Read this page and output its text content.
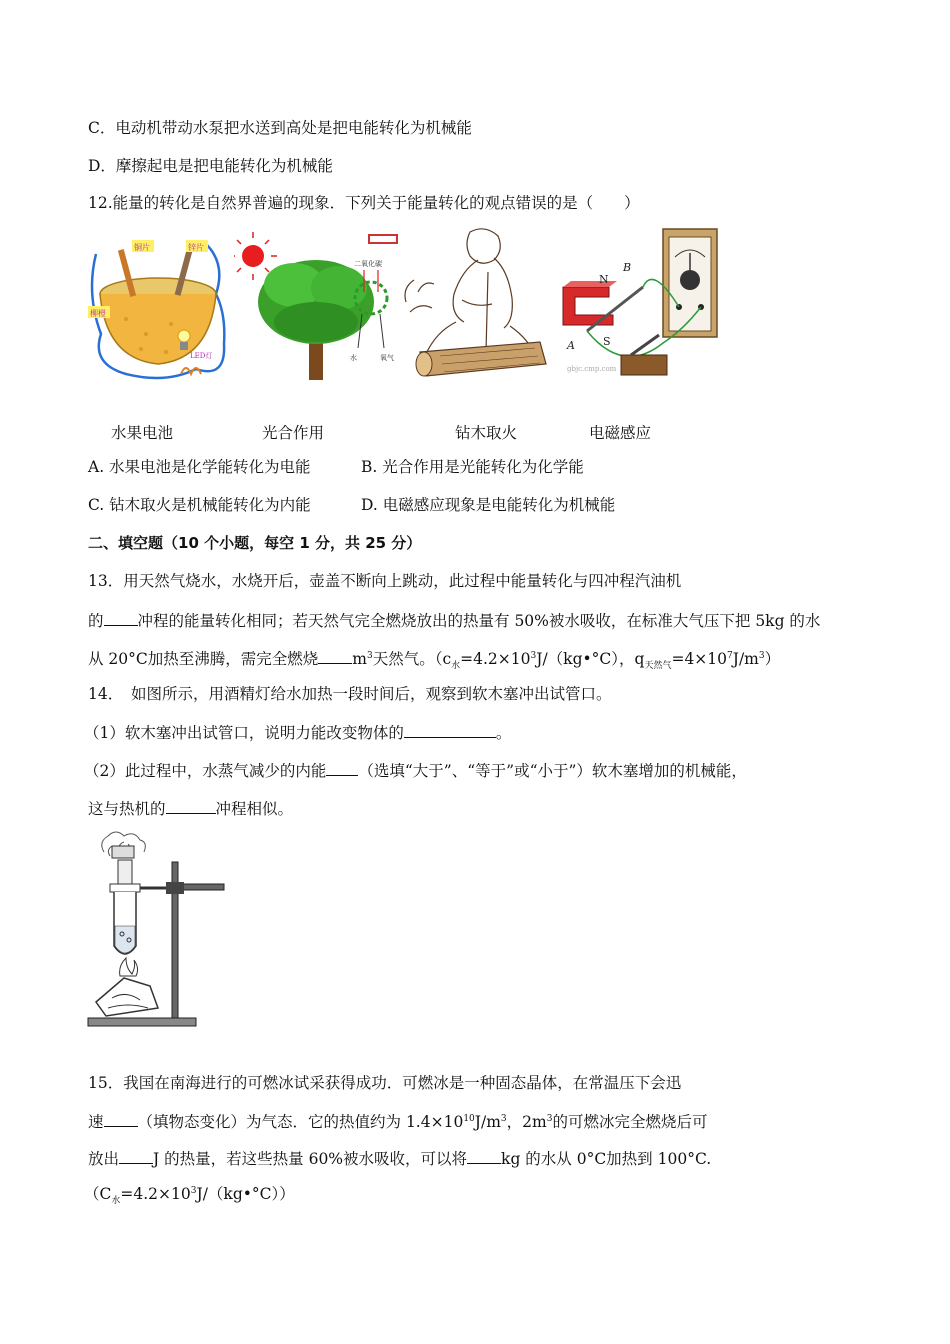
C．电动机带动水泵把水送到高处是把电能转化为机械能
D．摩擦起电是把电能转化为机械能
12.能量的转化是自然界普遍的现象．下列关于能量转化的观点错误的是（　　）
铜片	锌片
柳橙
LED灯
二氧化碳
水	氧气
N
S
B
A
gbjc.cmp.com
水果电池	光合作用	钻木取火	电磁感应
A. 水果电池是化学能转化为电能	B. 光合作用是光能转化为化学能
C. 钻木取火是机械能转化为内能	D. 电磁感应现象是电能转化为机械能
二、填空题（10 个小题，每空 1 分，共 25 分）
13．用天然气烧水，水烧开后，壶盖不断向上跳动，此过程中能量转化与四冲程汽油机
的 冲程的能量转化相同；若天然气完全燃烧放出的热量有 50%被水吸收，在标准大气压下把 5kg 的水
从 20°C加热至沸腾，需完全燃烧 $m^3$天然气。（$c_水=4.2\times 10^3J/(kg•^\circ C)$，$q_{天然气}=4\times 10^7J/m^3$）
14．　如图所示，用酒精灯给水加热一段时间后，观察到软木塞冲出试管口。
（1）软木塞冲出试管口，说明力能改变物体的	。
（2）此过程中，水蒸气减少的内能 （选填“大于”、“等于”或“小于”）软木塞增加的机械能，
这与热机的	冲程相似。
15．我国在南海进行的可燃冰试采获得成功．可燃冰是一种固态晶体，在常温压下会迅
速 （填物态变化）为气态．它的热值约为 $1.4\times 10^{10}J/m^3$，$2m^3$的可燃冰完全燃烧后可
放出 J 的热量，若这些热量 60%被水吸收，可以将 kg 的水从 0°C加热到 100°C.
$(C_水=4.2\times 10^3J/(kg•^\circ C))$
